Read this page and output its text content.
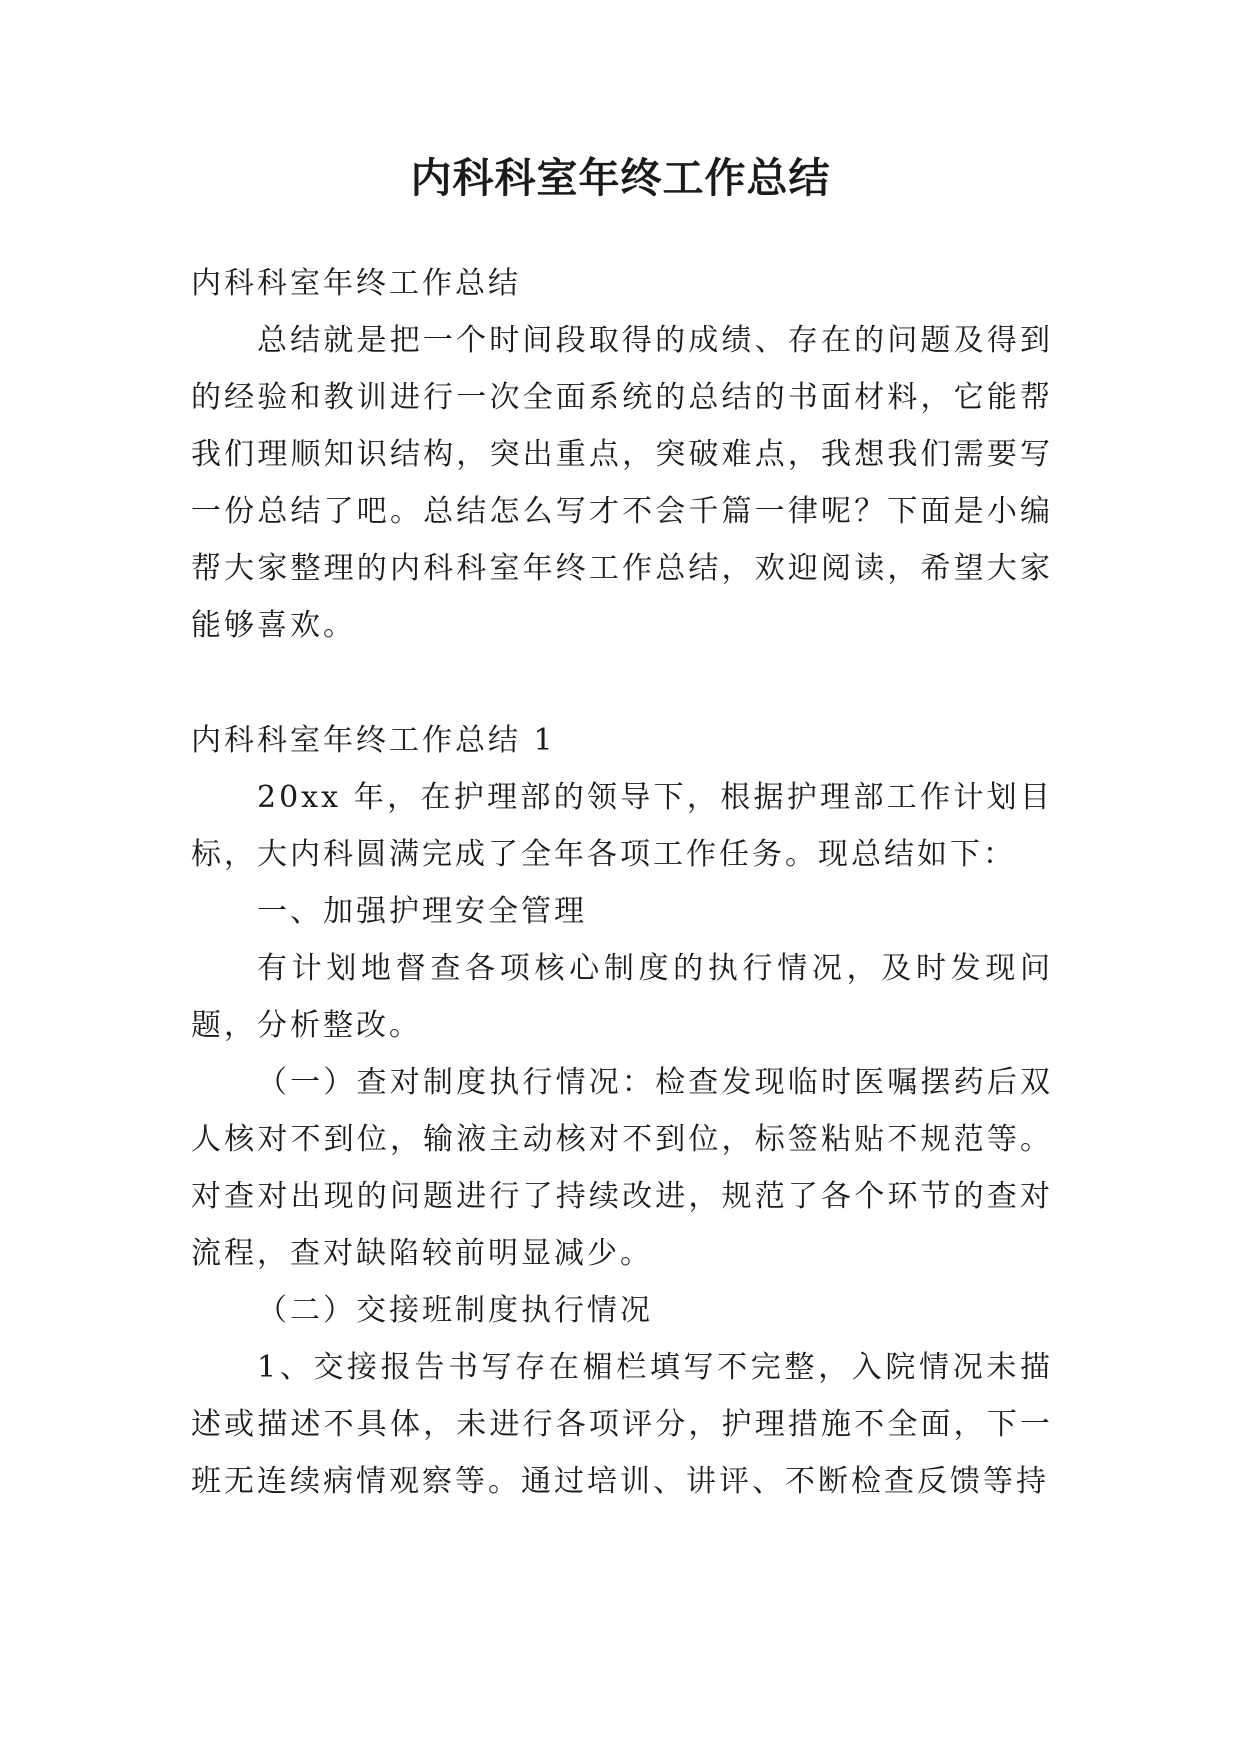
内科科室年终工作总结

内科科室年终工作总结

总结就是把一个时间段取得的成绩、存在的问题及得到的经验和教训进行一次全面系统的总结的书面材料，它能帮我们理顺知识结构，突出重点，突破难点，我想我们需要写一份总结了吧。总结怎么写才不会千篇一律呢？下面是小编帮大家整理的内科科室年终工作总结，欢迎阅读，希望大家能够喜欢。

内科科室年终工作总结 1

20xx 年，在护理部的领导下，根据护理部工作计划目标，大内科圆满完成了全年各项工作任务。现总结如下：

一、加强护理安全管理

有计划地督查各项核心制度的执行情况，及时发现问题，分析整改。

（一）查对制度执行情况：检查发现临时医嘱摆药后双人核对不到位，输液主动核对不到位，标签粘贴不规范等。对查对出现的问题进行了持续改进，规范了各个环节的查对流程，查对缺陷较前明显减少。

（二）交接班制度执行情况

1、交接报告书写存在楣栏填写不完整，入院情况未描述或描述不具体，未进行各项评分，护理措施不全面，下一班无连续病情观察等。通过培训、讲评、不断检查反馈等持
